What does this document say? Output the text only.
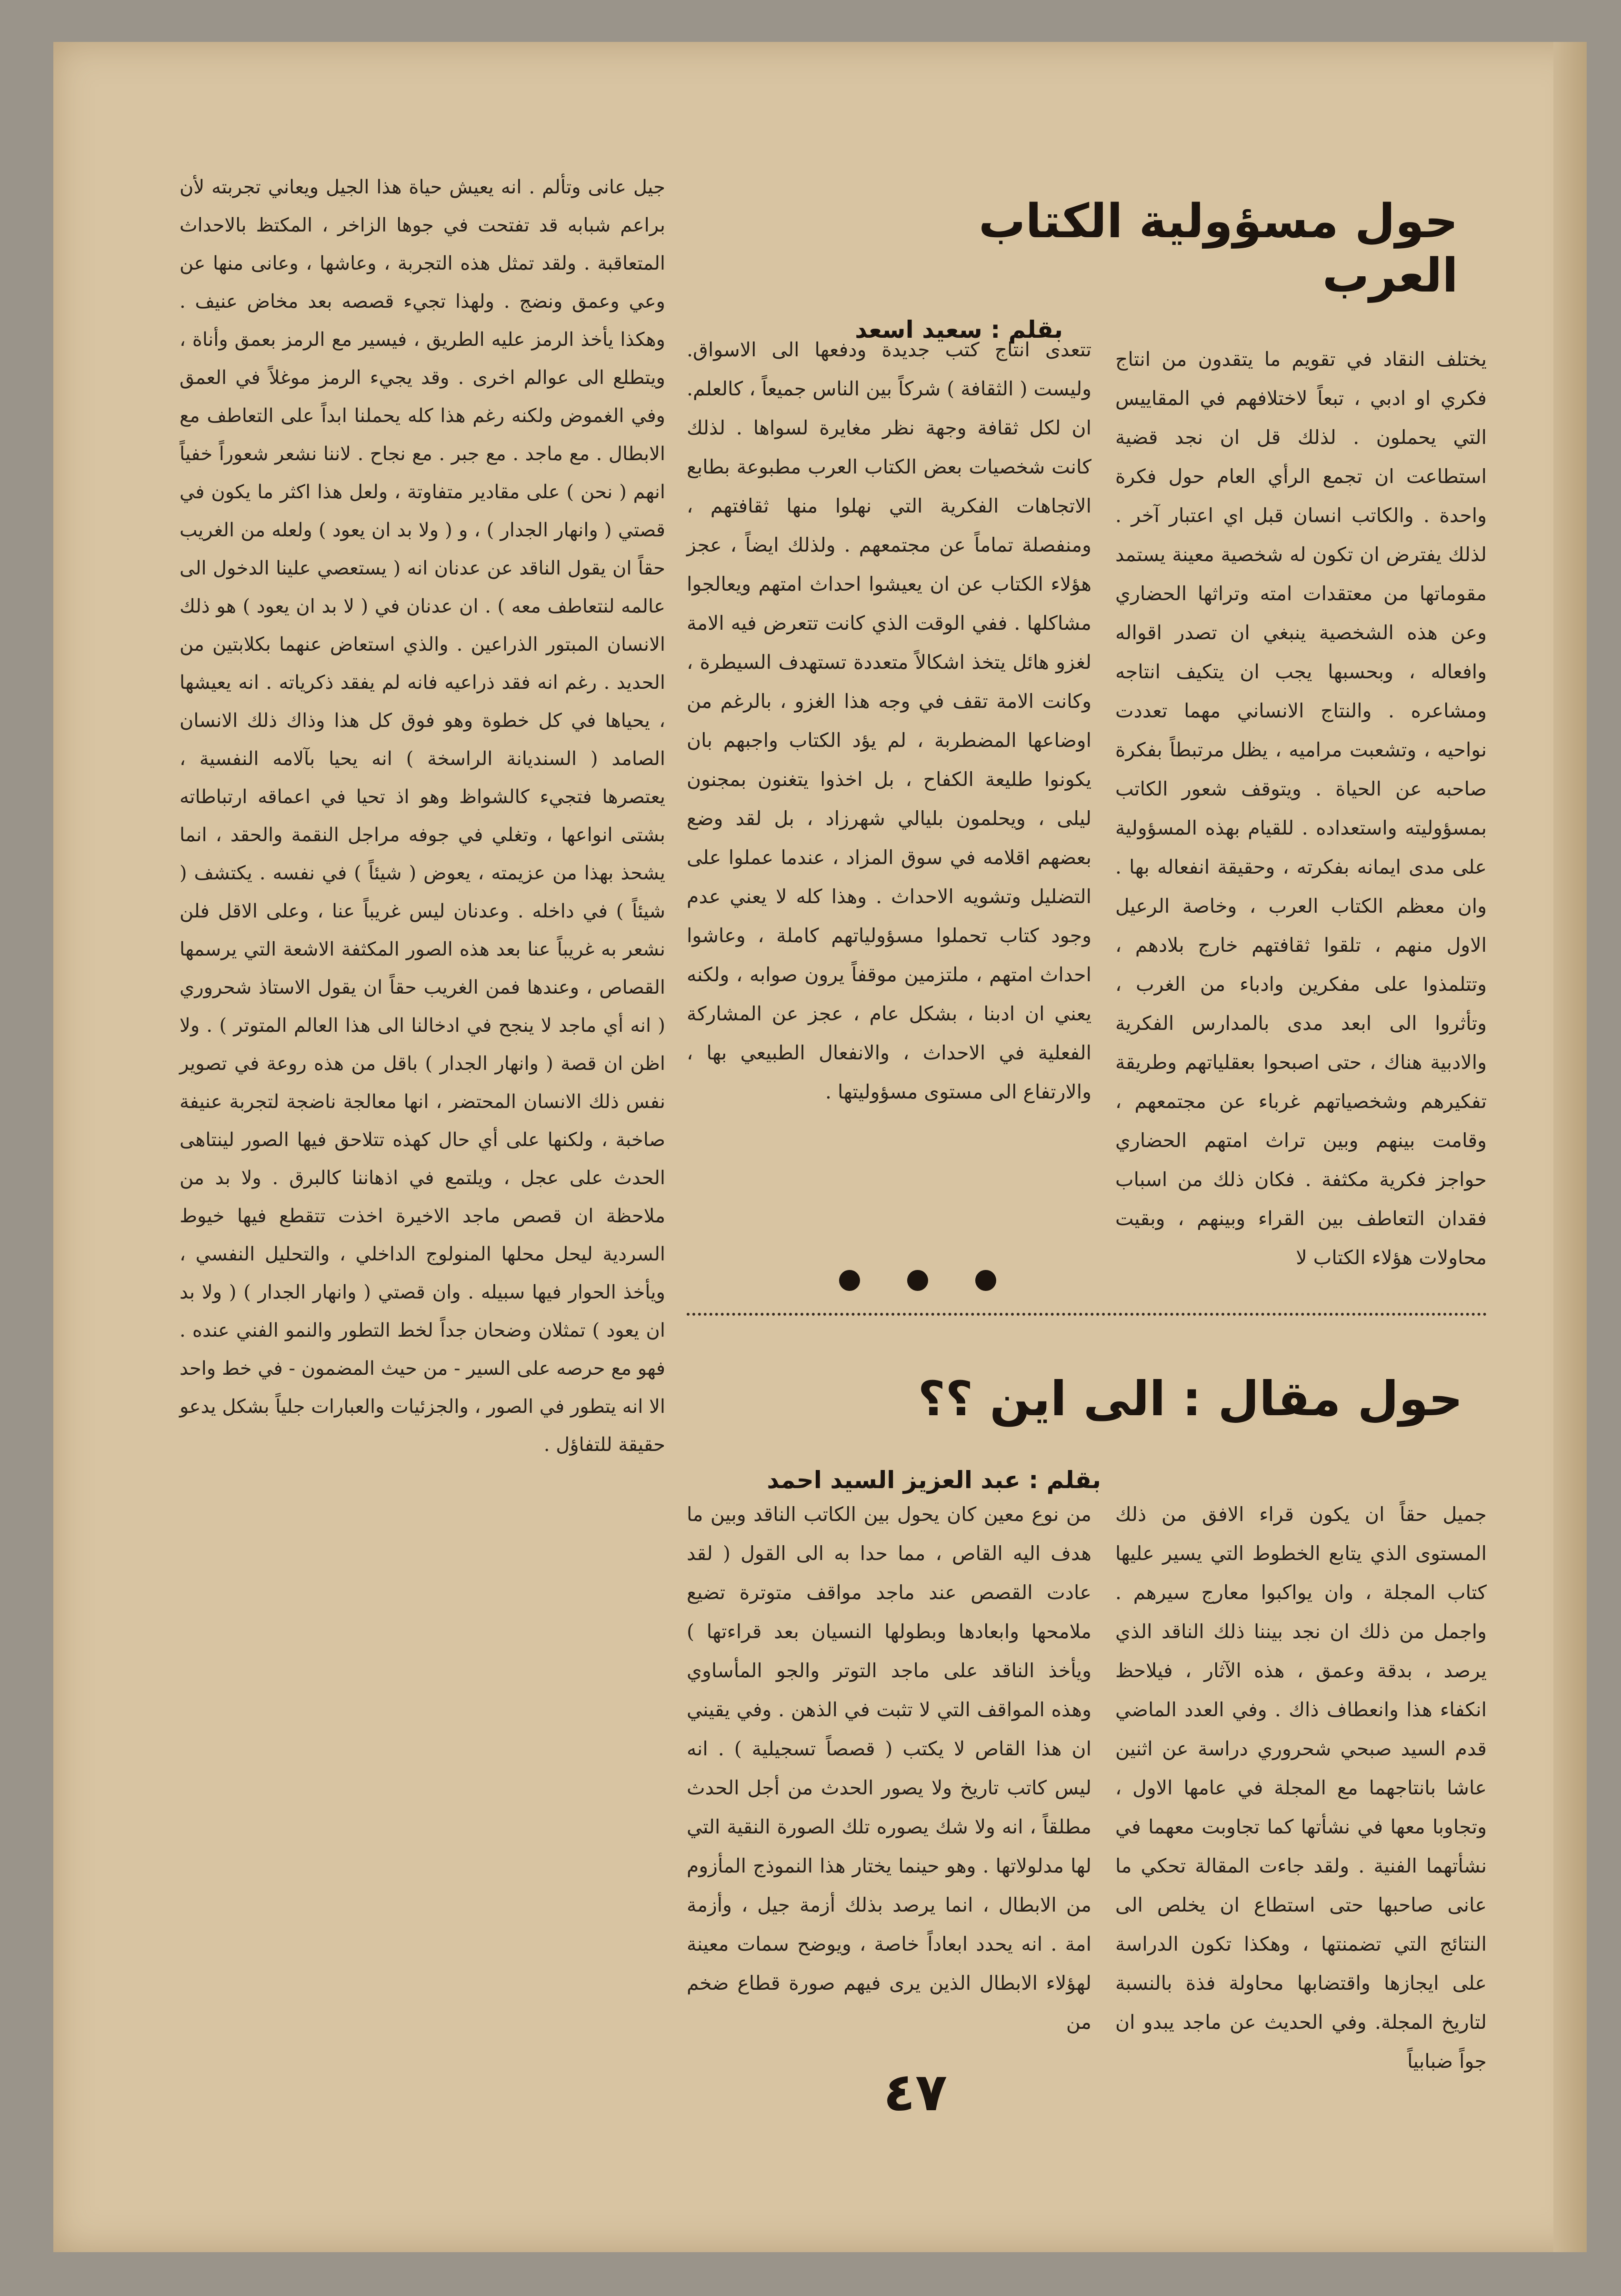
حول مسؤولية الكتاب العرب
بقلم : سعيد اسعد

يختلف النقاد في تقويم ما يتقدون من انتاج فكري او ادبي ، تبعاً لاختلافهم في المقاييس التي يحملون . لذلك قل ان نجد قضية استطاعت ان تجمع الرأي العام حول فكرة واحدة . والكاتب انسان قبل اي اعتبار آخر . لذلك يفترض ان تكون له شخصية معينة يستمد مقوماتها من معتقدات امته وتراثها الحضاري وعن هذه الشخصية ينبغي ان تصدر اقواله وافعاله ، وبحسبها يجب ان يتكيف انتاجه ومشاعره . والنتاج الانساني مهما تعددت نواحيه ، وتشعبت مراميه ، يظل مرتبطاً بفكرة صاحبه عن الحياة . ويتوقف شعور الكاتب بمسؤوليته واستعداده . للقيام بهذه المسؤولية على مدى ايمانه بفكرته ، وحقيقة انفعاله بها . وان معظم الكتاب العرب ، وخاصة الرعيل الاول منهم ، تلقوا ثقافتهم خارج بلادهم ، وتتلمذوا على مفكرين وادباء من الغرب ، وتأثروا الى ابعد مدى بالمدارس الفكرية والادبية هناك ، حتى اصبحوا بعقلياتهم وطريقة تفكيرهم وشخصياتهم غرباء عن مجتمعهم ، وقامت بينهم وبين تراث امتهم الحضاري حواجز فكرية مكثفة . فكان ذلك من اسباب فقدان التعاطف بين القراء وبينهم ، وبقيت محاولات هؤلاء الكتاب لا

تتعدى انتاج كتب جديدة ودفعها الى الاسواق. وليست ( الثقافة ) شركاً بين الناس جميعاً ، كالعلم. ان لكل ثقافة وجهة نظر مغايرة لسواها . لذلك كانت شخصيات بعض الكتاب العرب مطبوعة بطابع الاتجاهات الفكرية التي نهلوا منها ثقافتهم ، ومنفصلة تماماً عن مجتمعهم . ولذلك ايضاً ، عجز هؤلاء الكتاب عن ان يعيشوا احداث امتهم ويعالجوا مشاكلها . ففي الوقت الذي كانت تتعرض فيه الامة لغزو هائل يتخذ اشكالاً متعددة تستهدف السيطرة ، وكانت الامة تقف في وجه هذا الغزو ، بالرغم من اوضاعها المضطربة ، لم يؤد الكتاب واجبهم بان يكونوا طليعة الكفاح ، بل اخذوا يتغنون بمجنون ليلى ، ويحلمون بليالي شهرزاد ، بل لقد وضع بعضهم اقلامه في سوق المزاد ، عندما عملوا على التضليل وتشويه الاحداث . وهذا كله لا يعني عدم وجود كتاب تحملوا مسؤولياتهم كاملة ، وعاشوا احداث امتهم ، ملتزمين موقفاً يرون صوابه ، ولكنه يعني ان ادبنا ، بشكل عام ، عجز عن المشاركة الفعلية في الاحداث ، والانفعال الطبيعي بها ، والارتفاع الى مستوى مسؤوليتها .

حول مقال : الى اين ؟؟
بقلم : عبد العزيز السيد احمد

جميل حقاً ان يكون قراء الافق من ذلك المستوى الذي يتابع الخطوط التي يسير عليها كتاب المجلة ، وان يواكبوا معارج سيرهم . واجمل من ذلك ان نجد بيننا ذلك الناقد الذي يرصد ، بدقة وعمق ، هذه الآثار ، فيلاحظ انكفاء هذا وانعطاف ذاك . وفي العدد الماضي قدم السيد صبحي شحروري دراسة عن اثنين عاشا بانتاجهما مع المجلة في عامها الاول ، وتجاوبا معها في نشأتها كما تجاوبت معهما في نشأتهما الفنية . ولقد جاءت المقالة تحكي ما عانى صاحبها حتى استطاع ان يخلص الى النتائج التي تضمنتها ، وهكذا تكون الدراسة على ايجازها واقتضابها محاولة فذة بالنسبة لتاريخ المجلة. وفي الحديث عن ماجد يبدو ان جواً ضبابياً

من نوع معين كان يحول بين الكاتب الناقد وبين ما هدف اليه القاص ، مما حدا به الى القول ( لقد عادت القصص عند ماجد مواقف متوترة تضيع ملامحها وابعادها وبطولها النسيان بعد قراءتها ) ويأخذ الناقد على ماجد التوتر والجو المأساوي وهذه المواقف التي لا تثبت في الذهن . وفي يقيني ان هذا القاص لا يكتب ( قصصاً تسجيلية ) . انه ليس كاتب تاريخ ولا يصور الحدث من أجل الحدث مطلقاً ، انه ولا شك يصوره تلك الصورة النقية التي لها مدلولاتها . وهو حينما يختار هذا النموذج المأزوم من الابطال ، انما يرصد بذلك أزمة جيل ، وأزمة امة . انه يحدد ابعاداً خاصة ، ويوضح سمات معينة لهؤلاء الابطال الذين يرى فيهم صورة قطاع ضخم من

جيل عانى وتألم . انه يعيش حياة هذا الجيل ويعاني تجربته لأن براعم شبابه قد تفتحت في جوها الزاخر ، المكتظ بالاحداث المتعاقبة . ولقد تمثل هذه التجربة ، وعاشها ، وعانى منها عن وعي وعمق ونضج . ولهذا تجيء قصصه بعد مخاض عنيف . وهكذا يأخذ الرمز عليه الطريق ، فيسير مع الرمز بعمق وأناة ، ويتطلع الى عوالم اخرى . وقد يجيء الرمز موغلاً في العمق وفي الغموض ولكنه رغم هذا كله يحملنا ابداً على التعاطف مع الابطال . مع ماجد . مع جبر . مع نجاح . لاننا نشعر شعوراً خفياً انهم ( نحن ) على مقادير متفاوتة ، ولعل هذا اكثر ما يكون في قصتي ( وانهار الجدار ) ، و ( ولا بد ان يعود ) ولعله من الغريب حقاً ان يقول الناقد عن عدنان انه ( يستعصي علينا الدخول الى عالمه لنتعاطف معه ) . ان عدنان في ( لا بد ان يعود ) هو ذلك الانسان المبتور الذراعين . والذي استعاض عنهما بكلابتين من الحديد . رغم انه فقد ذراعيه فانه لم يفقد ذكرياته . انه يعيشها ، يحياها في كل خطوة وهو فوق كل هذا وذاك ذلك الانسان الصامد ( السنديانة الراسخة ) انه يحيا بآلامه النفسية ، يعتصرها فتجيء كالشواظ وهو اذ تحيا في اعماقه ارتباطاته بشتى انواعها ، وتغلي في جوفه مراجل النقمة والحقد ، انما يشحذ بهذا من عزيمته ، يعوض ( شيئاً ) في نفسه . يكتشف ( شيئاً ) في داخله . وعدنان ليس غريباً عنا ، وعلى الاقل فلن نشعر به غريباً عنا بعد هذه الصور المكثفة الاشعة التي يرسمها القصاص ، وعندها فمن الغريب حقاً ان يقول الاستاذ شحروري ( انه أي ماجد لا ينجح في ادخالنا الى هذا العالم المتوتر ) . ولا اظن ان قصة ( وانهار الجدار ) باقل من هذه روعة في تصوير نفس ذلك الانسان المحتضر ، انها معالجة ناضجة لتجربة عنيفة صاخبة ، ولكنها على أي حال كهذه تتلاحق فيها الصور لينتاهى الحدث على عجل ، ويلتمع في اذهاننا كالبرق . ولا بد من ملاحظة ان قصص ماجد الاخيرة اخذت تتقطع فيها خيوط السردية ليحل محلها المنولوج الداخلي ، والتحليل النفسي ، ويأخذ الحوار فيها سبيله . وان قصتي ( وانهار الجدار ) ( ولا بد ان يعود ) تمثلان وضحان جداً لخط التطور والنمو الفني عنده . فهو مع حرصه على السير - من حيث المضمون - في خط واحد الا انه يتطور في الصور ، والجزئيات والعبارات جلياً بشكل يدعو حقيقة للتفاؤل .

٤٧
